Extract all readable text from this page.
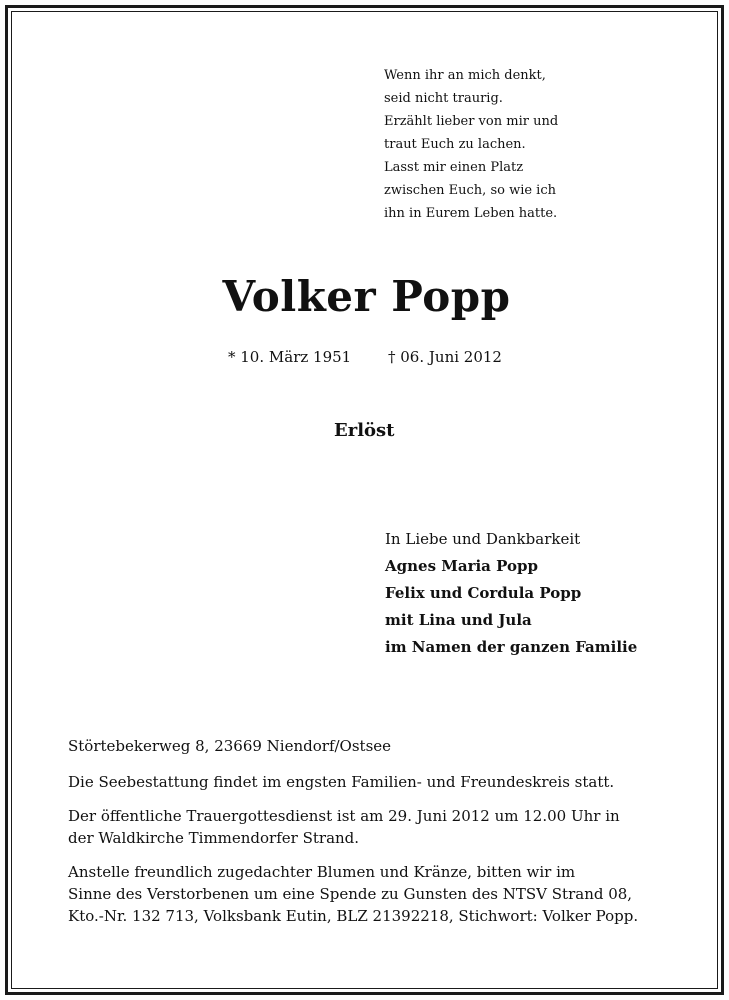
Wenn ihr an mich denkt,
seid nicht traurig.
Erzählt lieber von mir und
traut Euch zu lachen.
Lasst mir einen Platz
zwischen Euch, so wie ich
ihn in Eurem Leben hatte.
Volker Popp
* 10. März 1951 † 06. Juni 2012
Erlöst
In Liebe und Dankbarkeit
Agnes Maria Popp
Felix und Cordula Popp
mit Lina und Jula
im Namen der ganzen Familie

Störtebekerweg 8, 23669 Niendorf/Ostsee

Die Seebestattung findet im engsten Familien- und Freundeskreis statt.

Der öffentliche Trauergottesdienst ist am 29. Juni 2012 um 12.00 Uhr in
der Waldkirche Timmendorfer Strand.

Anstelle freundlich zugedachter Blumen und Kränze, bitten wir im
Sinne des Verstorbenen um eine Spende zu Gunsten des NTSV Strand 08,
Kto.-Nr. 132 713, Volksbank Eutin, BLZ 21392218, Stichwort: Volker Popp.
